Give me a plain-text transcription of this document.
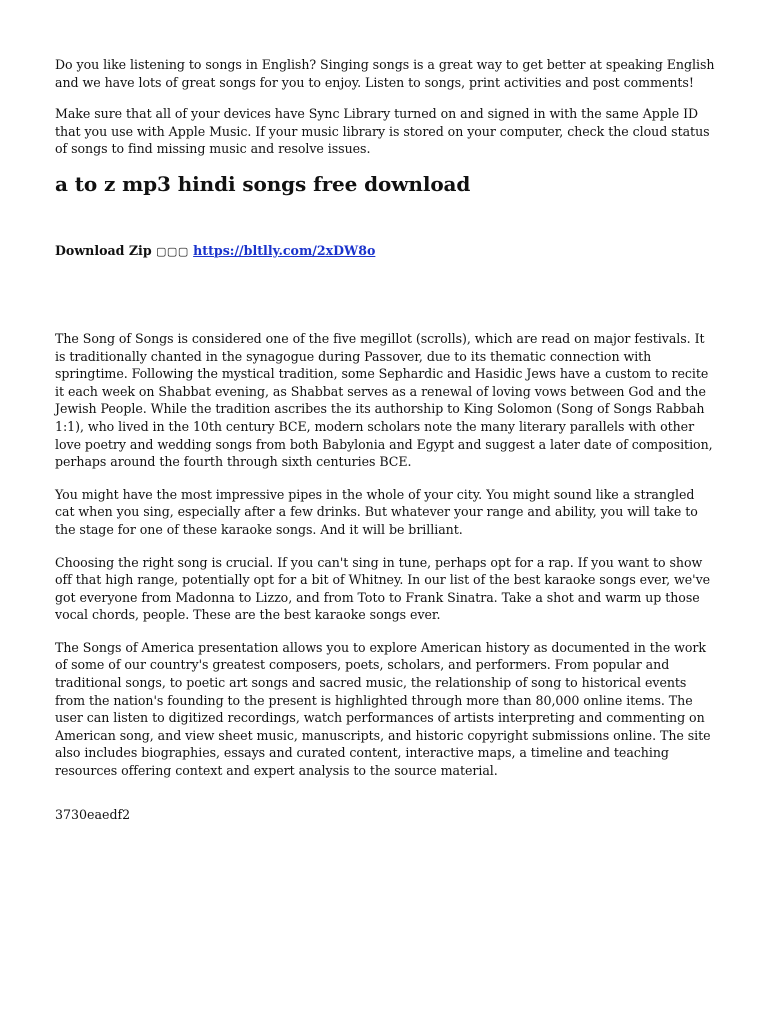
Do you like listening to songs in English? Singing songs is a great way to get better at speaking English and we have lots of great songs for you to enjoy. Listen to songs, print activities and post comments!

Make sure that all of your devices have Sync Library turned on and signed in with the same Apple ID that you use with Apple Music. If your music library is stored on your computer, check the cloud status of songs to find missing music and resolve issues.

a to z mp3 hindi songs free download
Download Zip ▢▢▢ https://bltlly.com/2xDW8o

The Song of Songs is considered one of the five megillot (scrolls), which are read on major festivals. It is traditionally chanted in the synagogue during Passover, due to its thematic connection with springtime. Following the mystical tradition, some Sephardic and Hasidic Jews have a custom to recite it each week on Shabbat evening, as Shabbat serves as a renewal of loving vows between God and the Jewish People. While the tradition ascribes the its authorship to King Solomon (Song of Songs Rabbah 1:1), who lived in the 10th century BCE, modern scholars note the many literary parallels with other love poetry and wedding songs from both Babylonia and Egypt and suggest a later date of composition, perhaps around the fourth through sixth centuries BCE.

You might have the most impressive pipes in the whole of your city. You might sound like a strangled cat when you sing, especially after a few drinks. But whatever your range and ability, you will take to the stage for one of these karaoke songs. And it will be brilliant.

Choosing the right song is crucial. If you can't sing in tune, perhaps opt for a rap. If you want to show off that high range, potentially opt for a bit of Whitney. In our list of the best karaoke songs ever, we've got everyone from Madonna to Lizzo, and from Toto to Frank Sinatra. Take a shot and warm up those vocal chords, people. These are the best karaoke songs ever.

The Songs of America presentation allows you to explore American history as documented in the work of some of our country's greatest composers, poets, scholars, and performers. From popular and traditional songs, to poetic art songs and sacred music, the relationship of song to historical events from the nation's founding to the present is highlighted through more than 80,000 online items. The user can listen to digitized recordings, watch performances of artists interpreting and commenting on American song, and view sheet music, manuscripts, and historic copyright submissions online. The site also includes biographies, essays and curated content, interactive maps, a timeline and teaching resources offering context and expert analysis to the source material.

3730eaedf2
